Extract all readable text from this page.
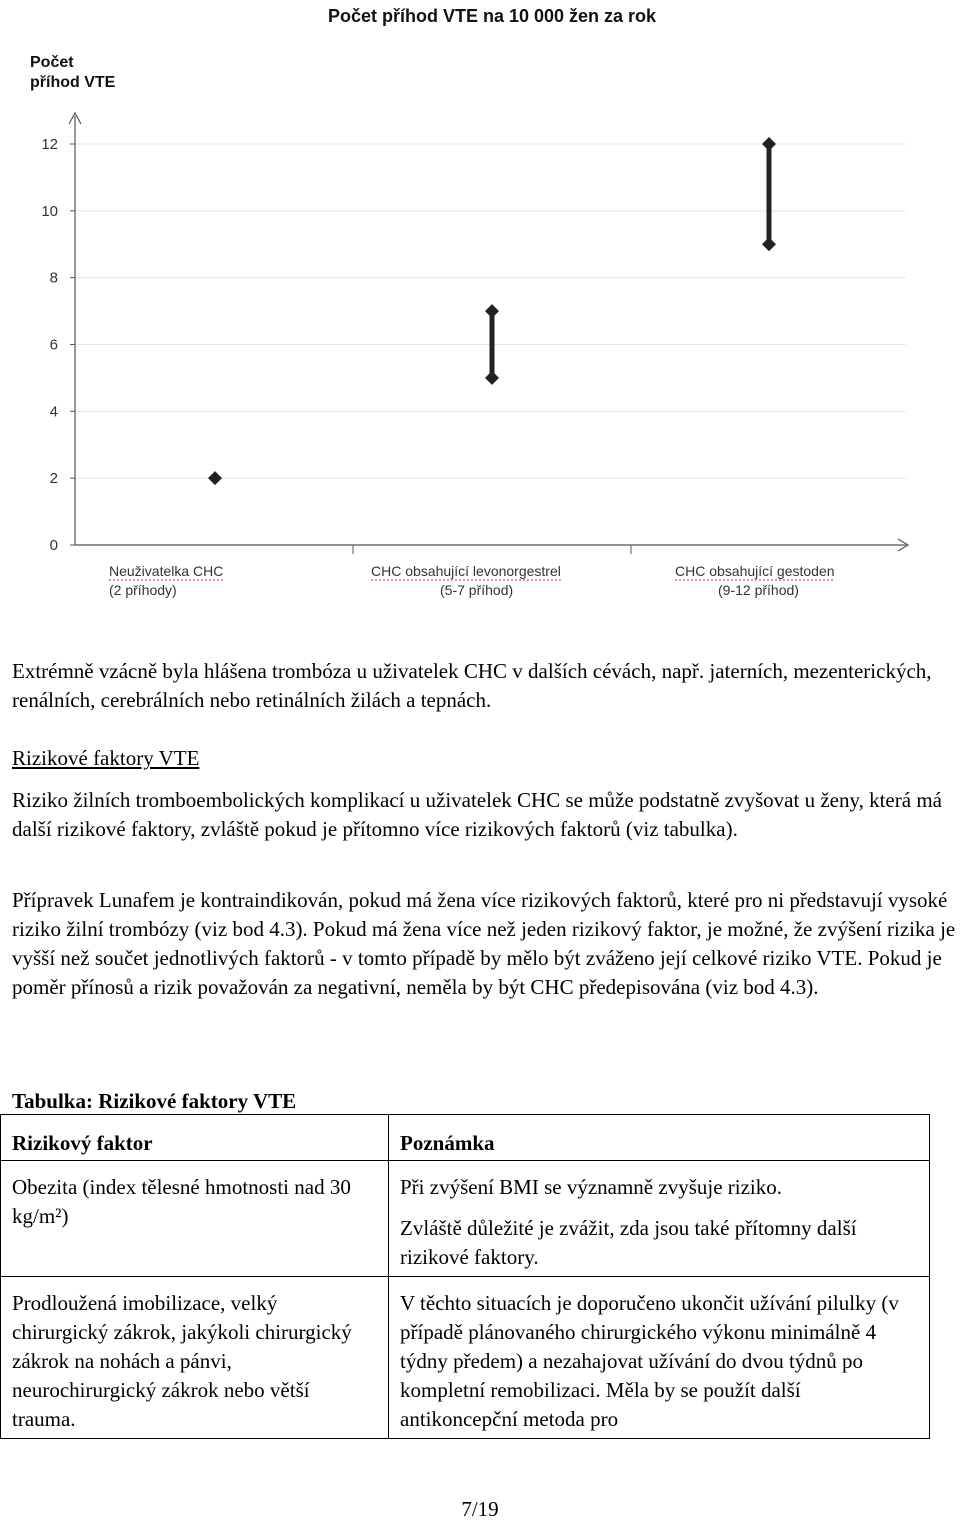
Počet příhod VTE na 10 000 žen za rok
Počet
příhod VTE
0
2
4
6
8
10
12
Neuživatelka CHC
(2 příhody)
CHC obsahující levonorgestrel
(5-7 příhod)
CHC obsahující gestoden
(9-12 příhod)

Extrémně vzácně byla hlášena trombóza u uživatelek CHC v dalších cévách, např. jaterních, mezenterických, renálních, cerebrálních nebo retinálních žilách a tepnách.

Rizikové faktory VTE

Riziko žilních tromboembolických komplikací u uživatelek CHC se může podstatně zvyšovat u ženy, která má další rizikové faktory, zvláště pokud je přítomno více rizikových faktorů (viz tabulka).

Přípravek Lunafem je kontraindikován, pokud má žena více rizikových faktorů, které pro ni představují vysoké riziko žilní trombózy (viz bod 4.3). Pokud má žena více než jeden rizikový faktor, je možné, že zvýšení rizika je vyšší než součet jednotlivých faktorů - v tomto případě by mělo být zváženo její celkové riziko VTE. Pokud je poměr přínosů a rizik považován za negativní, neměla by být CHC předepisována (viz bod 4.3).

Tabulka: Rizikové faktory VTE

Rizikový faktor	Poznámka
Obezita (index tělesné hmotnosti nad 30 kg/m²)	Při zvýšení BMI se významně zvyšuje riziko.
Zvláště důležité je zvážit, zda jsou také přítomny další rizikové faktory.

Prodloužená imobilizace, velký chirurgický zákrok, jakýkoli chirurgický zákrok na nohách a pánvi, neurochirurgický zákrok nebo větší trauma.	V těchto situacích je doporučeno ukončit užívání pilulky (v případě plánovaného chirurgického výkonu minimálně 4 týdny předem) a nezahajovat užívání do dvou týdnů po kompletní remobilizaci. Měla by se použít další antikoncepční metoda pro
7/19
